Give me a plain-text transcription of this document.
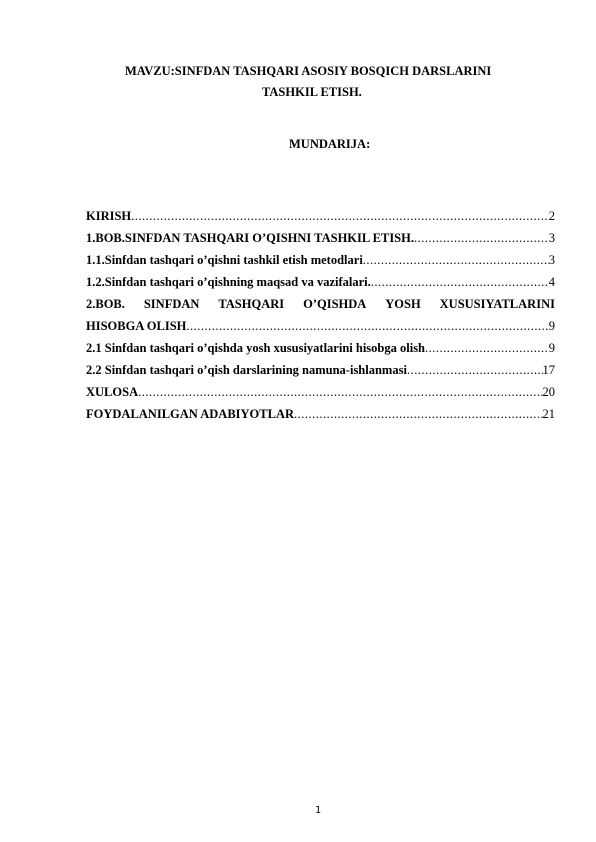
MAVZU:SINFDAN TASHQARI ASOSIY BOSQICH DARSLARINI
TASHKIL ETISH.
MUNDARIJA:
KIRISH .....	2
1.BOB.SINFDAN TASHQARI O’QISHNI TASHKIL ETISH. .....	3
1.1.Sinfdan tashqari o’qishni tashkil etish metodlari .....	3
1.2.Sinfdan tashqari o’qishning maqsad va vazifalari. .....	4
2.BOB. SINFDAN TASHQARI O’QISHDA YOSH XUSUSIYATLARINI
HISOBGA OLISH .....	9
2.1 Sinfdan tashqari o’qishda yosh xususiyatlarini hisobga olish .....	9
2.2 Sinfdan tashqari o’qish darslarining namuna-ishlanmasi .....	17
XULOSA .....	20
FOYDALANILGAN ADABIYOTLAR .....	21
1
